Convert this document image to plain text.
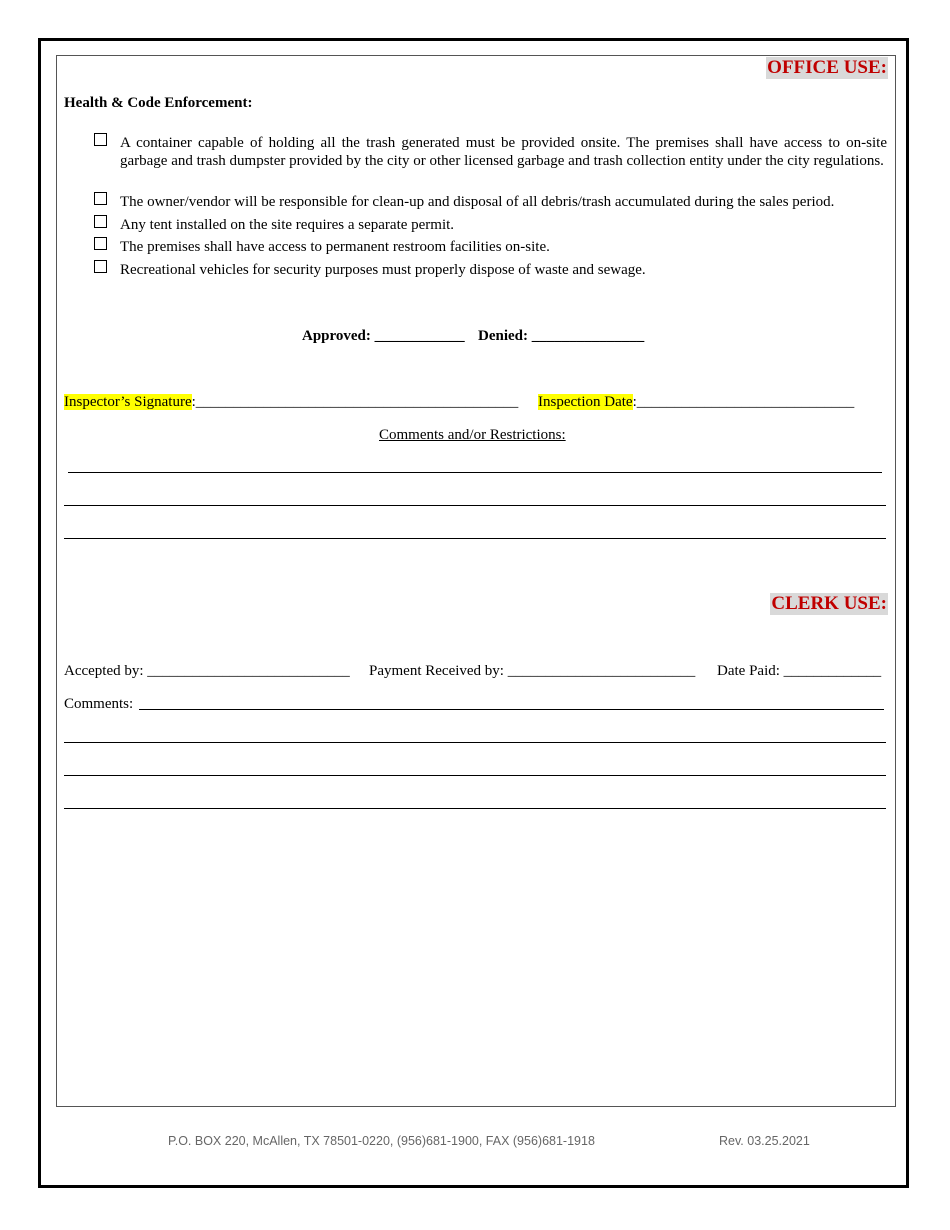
OFFICE USE:
Health & Code Enforcement:
A container capable of holding all the trash generated must be provided onsite. The premises shall have access to on-site garbage and trash dumpster provided by the city or other licensed garbage and trash collection entity under the city regulations.
The owner/vendor will be responsible for clean-up and disposal of all debris/trash accumulated during the sales period.
Any tent installed on the site requires a separate permit.
The premises shall have access to permanent restroom facilities on-site.
Recreational vehicles for security purposes must properly dispose of waste and sewage.
Approved: ____________ Denied: _______________
Inspector’s Signature:___________________________________________ Inspection Date:_____________________________
Comments and/or Restrictions:
CLERK USE:
Accepted by: ___________________________ Payment Received by: _________________________ Date Paid: _____________
Comments:
P.O. BOX 220, McAllen, TX 78501-0220, (956)681-1900, FAX (956)681-1918	Rev. 03.25.2021
